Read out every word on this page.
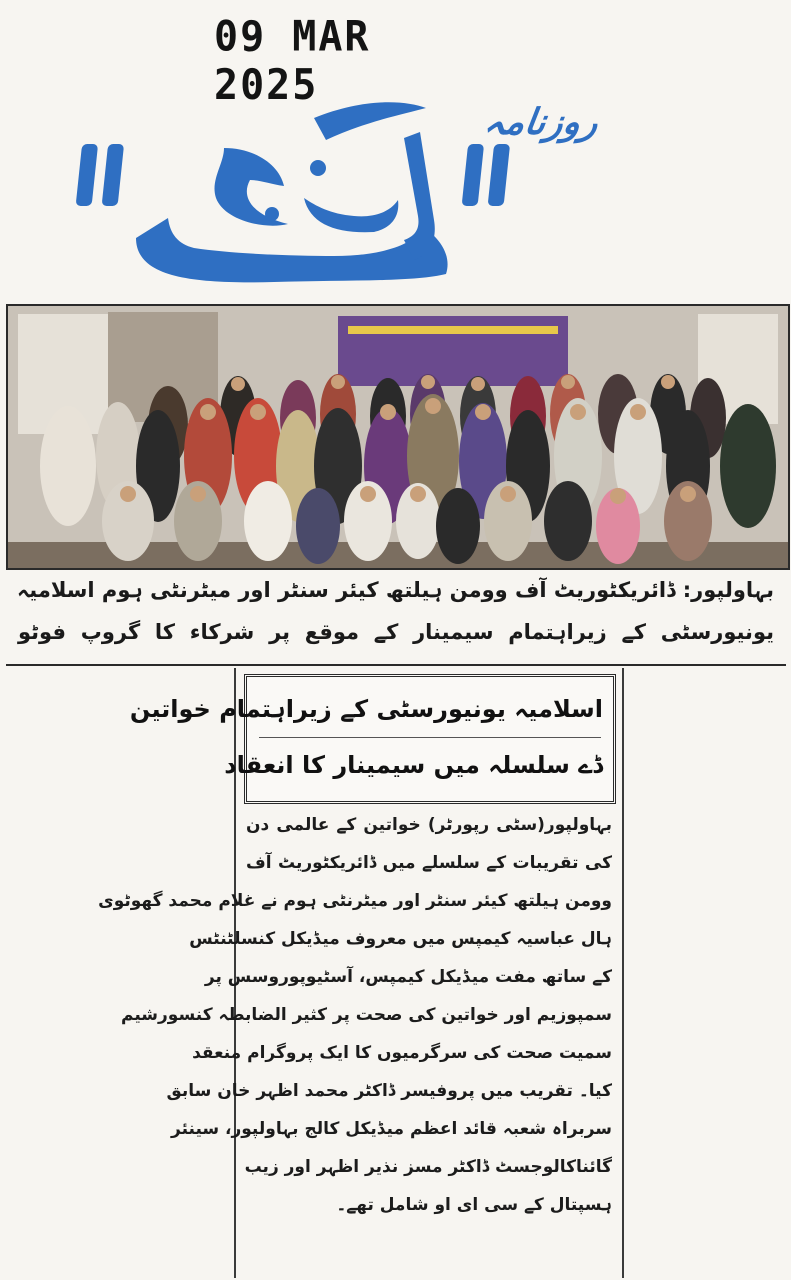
09 MAR 2025
روزنامہ
بہاولپور: ڈائریکٹوریٹ آف وومن ہیلتھ کیئر سنٹر اور میٹرنٹی ہوم اسلامیہ
یونیورسٹی کے زیراہتمام سیمینار کے موقع پر شرکاء کا گروپ فوٹو
اسلامیہ یونیورسٹی کے زیراہتمام خواتین
ڈے سلسلہ میں سیمینار کا انعقاد
بہاولپور(سٹی رپورٹر) خواتین کے عالمی دن
کی تقریبات کے سلسلے میں ڈائریکٹوریٹ آف
وومن ہیلتھ کیئر سنٹر اور میٹرنٹی ہوم نے غلام محمد گھوٹوی
ہال عباسیہ کیمپس میں معروف میڈیکل کنسلٹنٹس
کے ساتھ مفت میڈیکل کیمپس، آسٹیوپوروسس پر
سمپوزیم اور خواتین کی صحت پر کثیر الضابطہ کنسورشیم
سمیت صحت کی سرگرمیوں کا ایک پروگرام منعقد
کیا۔ تقریب میں پروفیسر ڈاکٹر محمد اظہر خان سابق
سربراہ شعبہ قائد اعظم میڈیکل کالج بہاولپور، سینئر
گائناکالوجسٹ ڈاکٹر مسز نذیر اظہر اور زیب
ہسپتال کے سی ای او شامل تھے۔
